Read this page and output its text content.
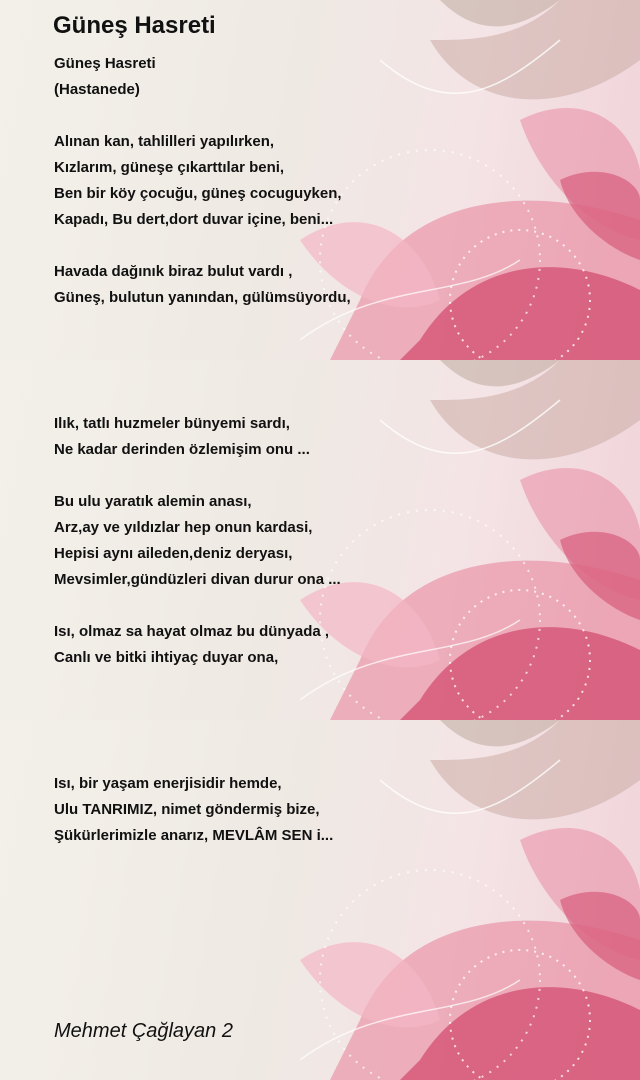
Güneş Hasreti
Güneş Hasreti
(Hastanede)
Alınan kan, tahlilleri yapılırken,
Kızlarım, güneşe çıkarttılar beni,
Ben bir köy çocuğu, güneş cocuguyken,
Kapadı, Bu dert,dort duvar içine, beni...
Havada dağınık biraz bulut vardı ,
Güneş, bulutun yanından, gülümsüyordu,
Ilık, tatlı huzmeler bünyemi sardı,
Ne kadar derinden özlemişim onu ...
Bu ulu yaratık alemin anası,
Arz,ay ve yıldızlar hep onun kardasi,
Hepisi aynı aileden,deniz deryası,
Mevsimler,gündüzleri divan durur ona ...
Isı, olmaz sa hayat olmaz bu dünyada ,
Canlı ve bitki ihtiyaç duyar ona,
Isı, bir yaşam enerjisidir hemde,
Ulu TANRIMIZ, nimet göndermiş bize,
Şükürlerimizle anarız, MEVLÂM SEN i...
Mehmet Çağlayan 2
